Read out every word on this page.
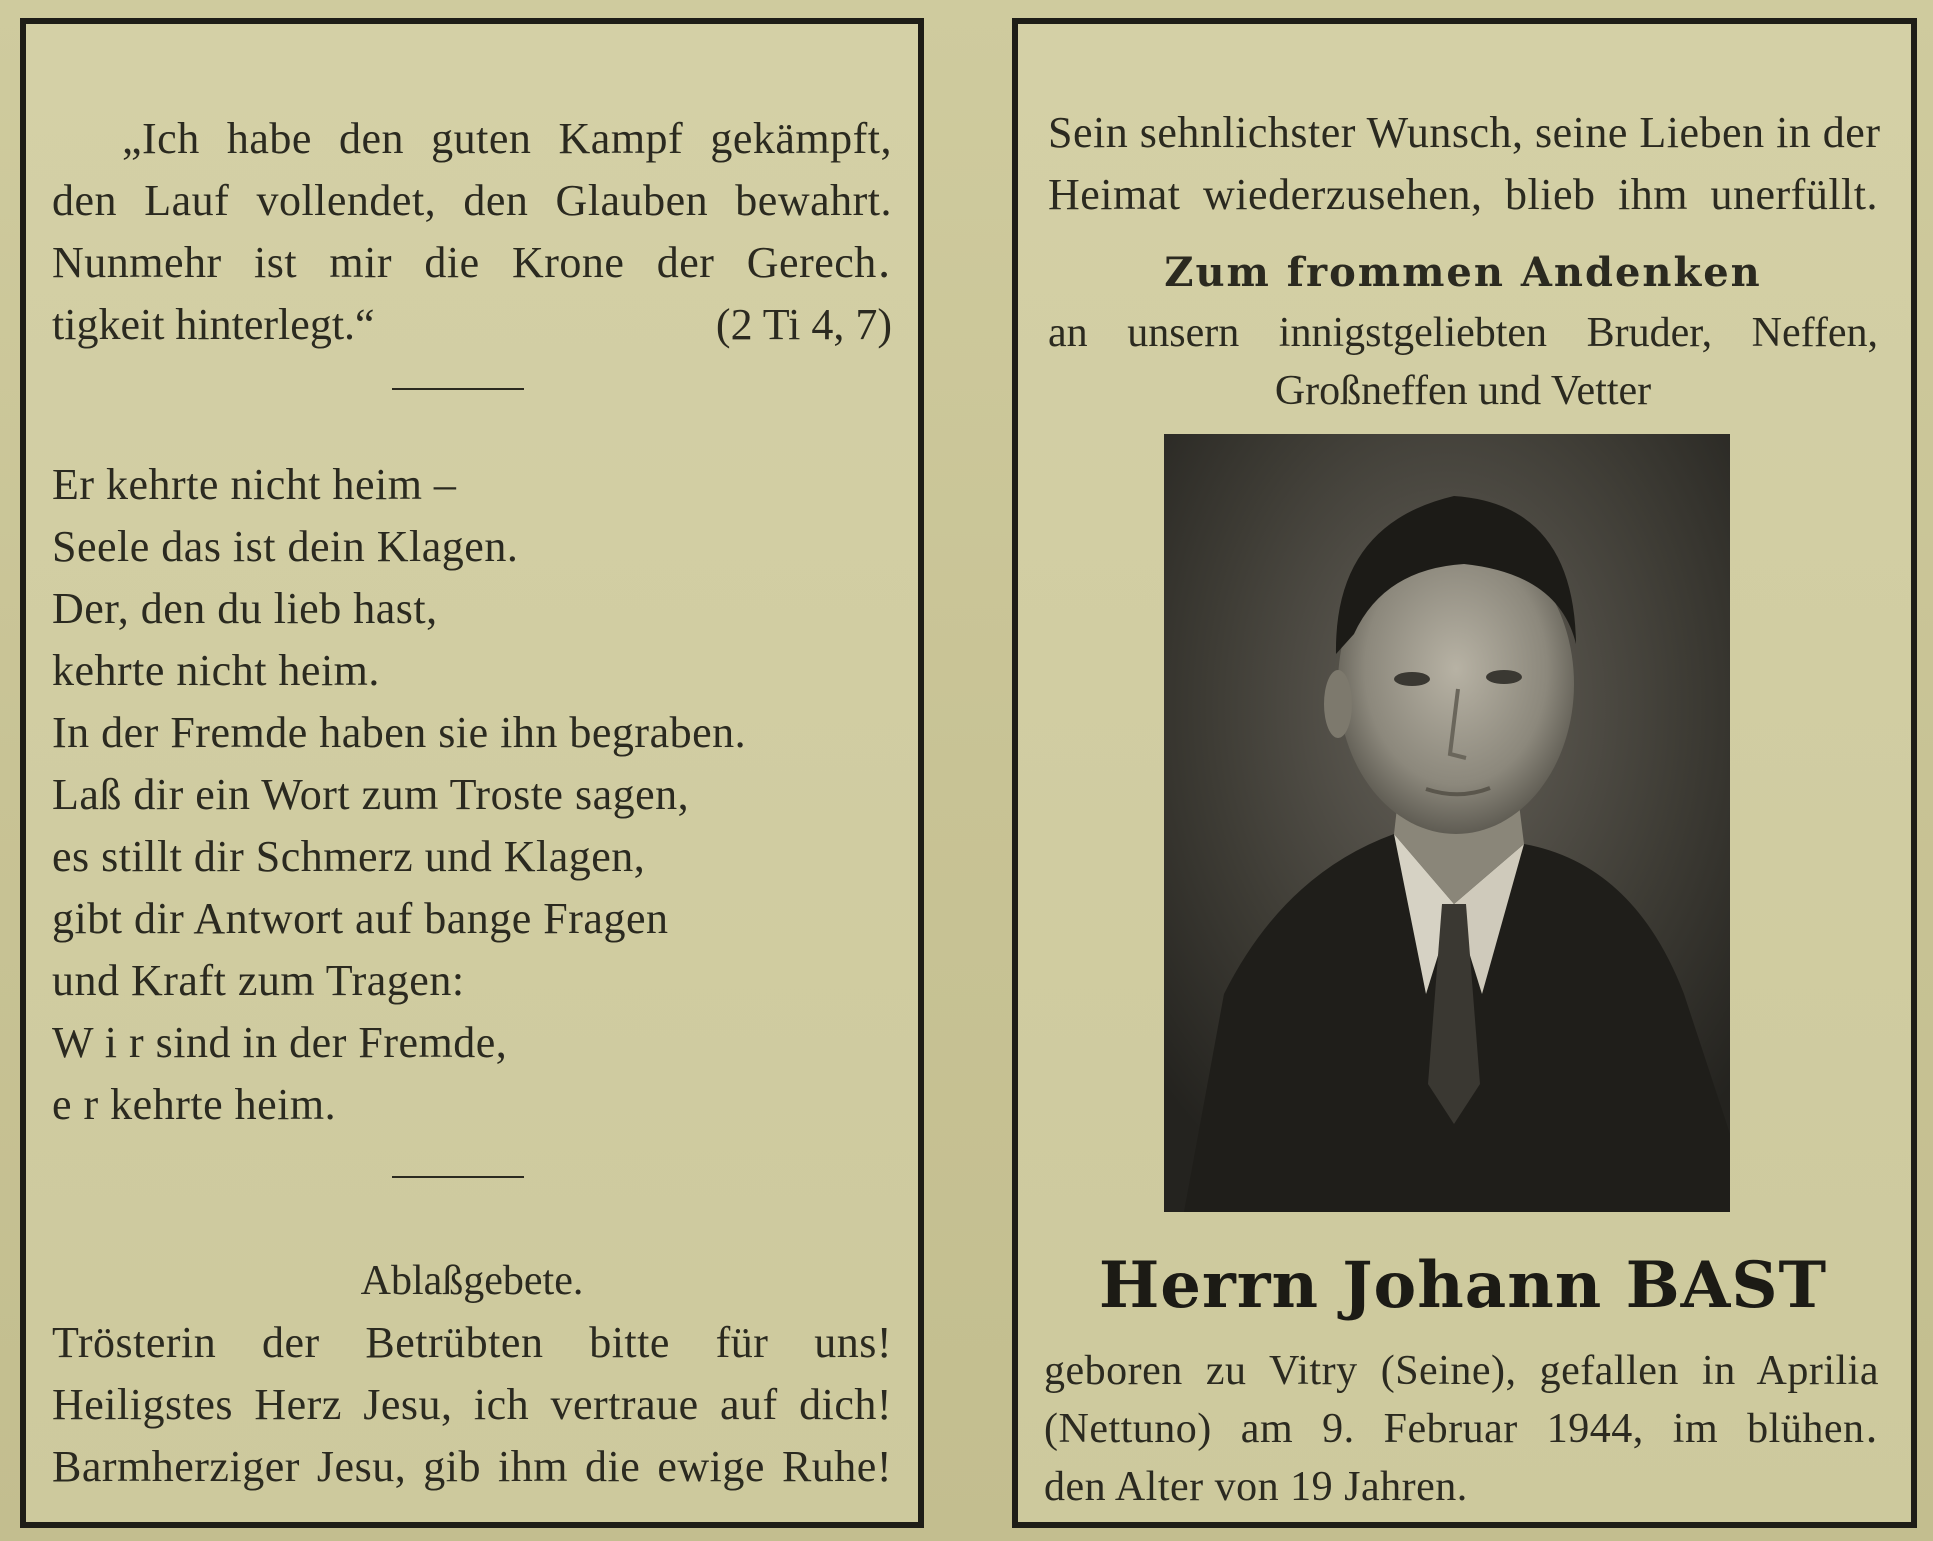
„Ich habe den guten Kampf gekämpft,
den Lauf vollendet, den Glauben bewahrt.
Nunmehr ist mir die Krone der Gerech․
tigkeit hinterlegt.“	(2 Ti 4, 7)
Er kehrte nicht heim –
Seele das ist dein Klagen.
Der, den du lieb hast,
kehrte nicht heim.
In der Fremde haben sie ihn begraben.
Laß dir ein Wort zum Troste sagen,
es stillt dir Schmerz und Klagen,
gibt dir Antwort auf bange Fragen
und Kraft zum Tragen:
W i r sind in der Fremde,
e r kehrte heim.
Ablaßgebete.
Trösterin der Betrübten bitte für uns!
Heiligstes Herz Jesu, ich vertraue auf dich!
Barmherziger Jesu, gib ihm die ewige Ruhe!
Sein sehnlichster Wunsch, seine Lieben in der
Heimat wiederzusehen, blieb ihm unerfüllt.
Zum frommen Andenken
an unsern innigstgeliebten Bruder, Neffen,
Großneffen und Vetter
Herrn Johann BAST
geboren zu Vitry (Seine), gefallen in Aprilia
(Nettuno) am 9. Februar 1944, im blühen․
den Alter von 19 Jahren.
